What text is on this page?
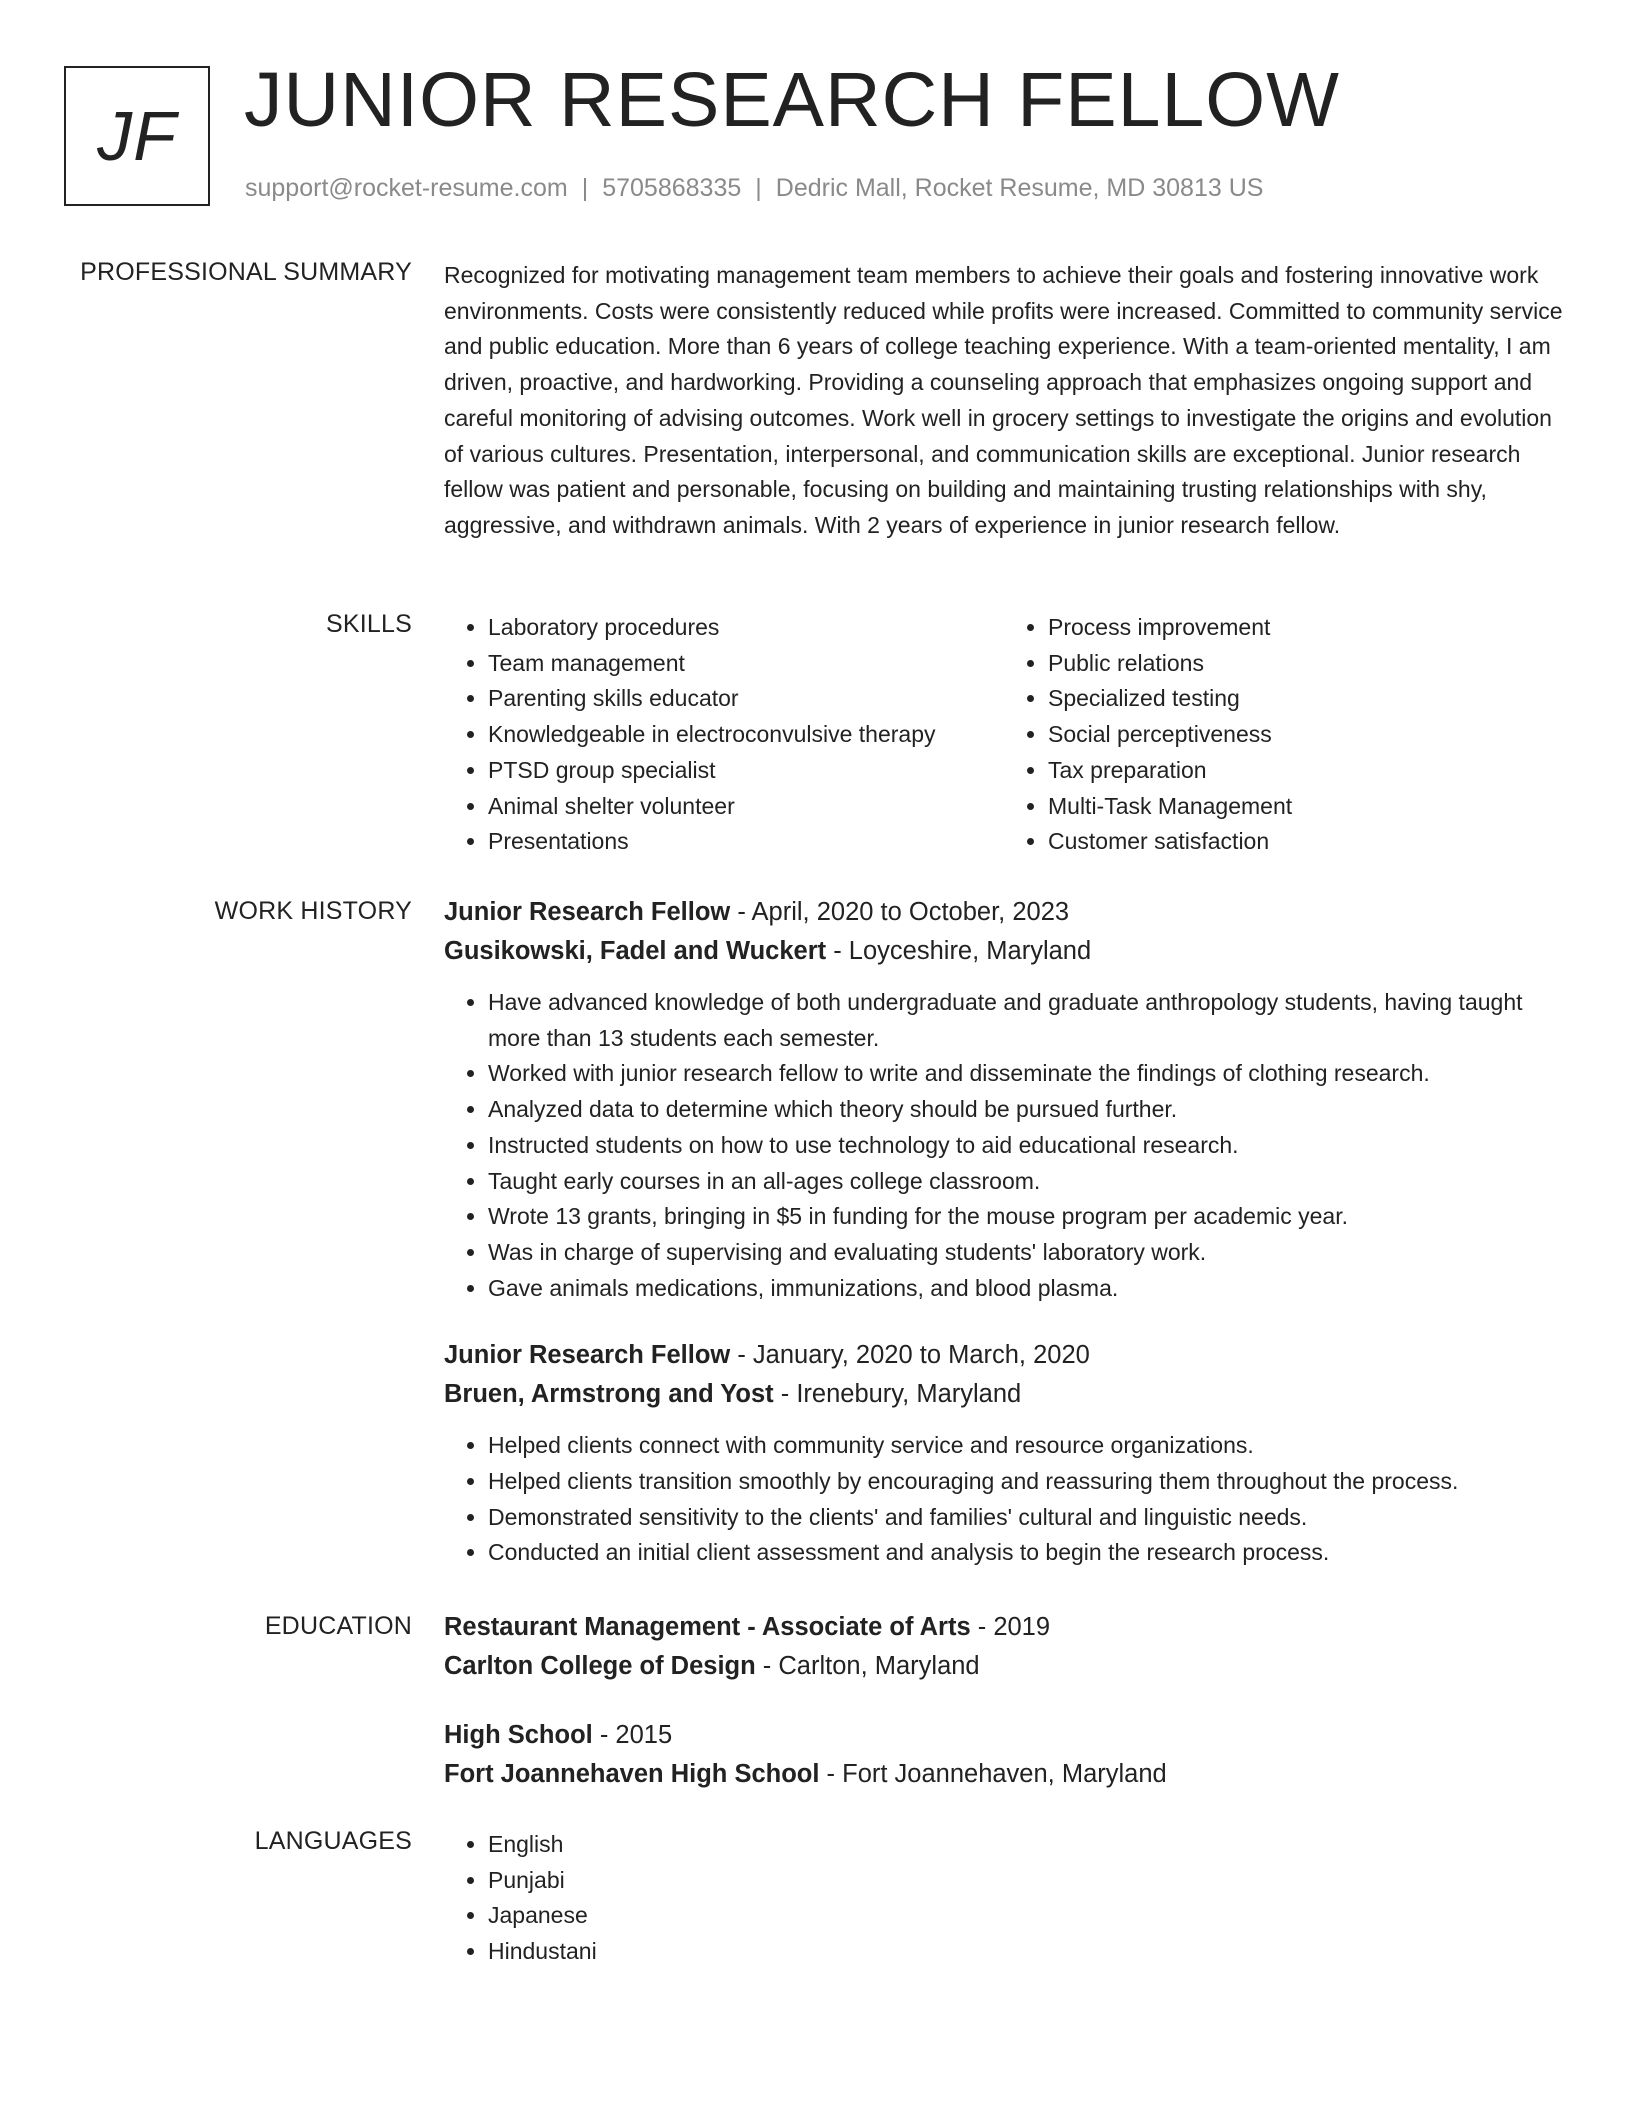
JF JUNIOR RESEARCH FELLOW
support@rocket-resume.com | 5705868335 | Dedric Mall, Rocket Resume, MD 30813 US
PROFESSIONAL SUMMARY Recognized for motivating management team members to achieve their goals and fostering innovative work environments. Costs were consistently reduced while profits were increased. Committed to community service and public education. More than 6 years of college teaching experience. With a team-oriented mentality, I am driven, proactive, and hardworking. Providing a counseling approach that emphasizes ongoing support and careful monitoring of advising outcomes. Work well in grocery settings to investigate the origins and evolution of various cultures. Presentation, interpersonal, and communication skills are exceptional. Junior research fellow was patient and personable, focusing on building and maintaining trusting relationships with shy, aggressive, and withdrawn animals. With 2 years of experience in junior research fellow.

SKILLS	• Laboratory procedures
• Team management
• Parenting skills educator
• Knowledgeable in electroconvulsive therapy
• PTSD group specialist
• Animal shelter volunteer
• Presentations
• Process improvement
• Public relations
• Specialized testing
• Social perceptiveness
• Tax preparation
• Multi-Task Management
• Customer satisfaction
WORK HISTORY Junior Research Fellow - April, 2020 to October, 2023
Gusikowski, Fadel and Wuckert - Loyceshire, Maryland
• Have advanced knowledge of both undergraduate and graduate anthropology students, having taught more than 13 students each semester.
• Worked with junior research fellow to write and disseminate the findings of clothing research.
• Analyzed data to determine which theory should be pursued further.
• Instructed students on how to use technology to aid educational research.
• Taught early courses in an all-ages college classroom.
• Wrote 13 grants, bringing in $5 in funding for the mouse program per academic year.
• Was in charge of supervising and evaluating students' laboratory work.
• Gave animals medications, immunizations, and blood plasma.
Junior Research Fellow - January, 2020 to March, 2020
Bruen, Armstrong and Yost - Irenebury, Maryland
• Helped clients connect with community service and resource organizations.
• Helped clients transition smoothly by encouraging and reassuring them throughout the process.
• Demonstrated sensitivity to the clients' and families' cultural and linguistic needs.
• Conducted an initial client assessment and analysis to begin the research process.
EDUCATION Restaurant Management - Associate of Arts - 2019
Carlton College of Design - Carlton, Maryland
High School - 2015
Fort Joannehaven High School - Fort Joannehaven, Maryland
LANGUAGES	• English
• Punjabi
• Japanese
• Hindustani
